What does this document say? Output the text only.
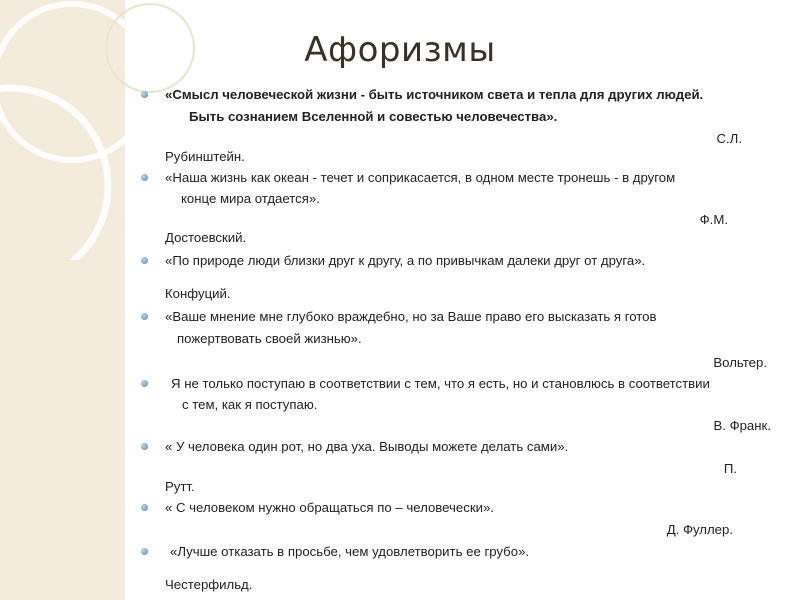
Афоризмы

«Смысл человеческой жизни - быть источником света и тепла для других людей.

Быть сознанием Вселенной и совестью человечества».

С.Л.

Рубинштейн.

«Наша жизнь как океан - течет и соприкасается, в одном месте тронешь - в другом

конце мира отдается».

Ф.М.

Достоевский.

«По природе люди близки друг к другу, а по привычкам далеки друг от друга».

Конфуций.

«Ваше мнение мне глубоко враждебно, но за Ваше право его высказать я готов

пожертвовать своей жизнью».

Вольтер.

Я не только поступаю в соответствии с тем, что я есть, но и становлюсь в соответствии

с тем, как я поступаю.

В. Франк.

« У человека один рот, но два уха. Выводы можете делать сами».

П.

Рутт.

« С человеком нужно обращаться по – человечески».

Д. Фуллер.

«Лучше отказать в просьбе, чем удовлетворить ее грубо».

Честерфильд.
